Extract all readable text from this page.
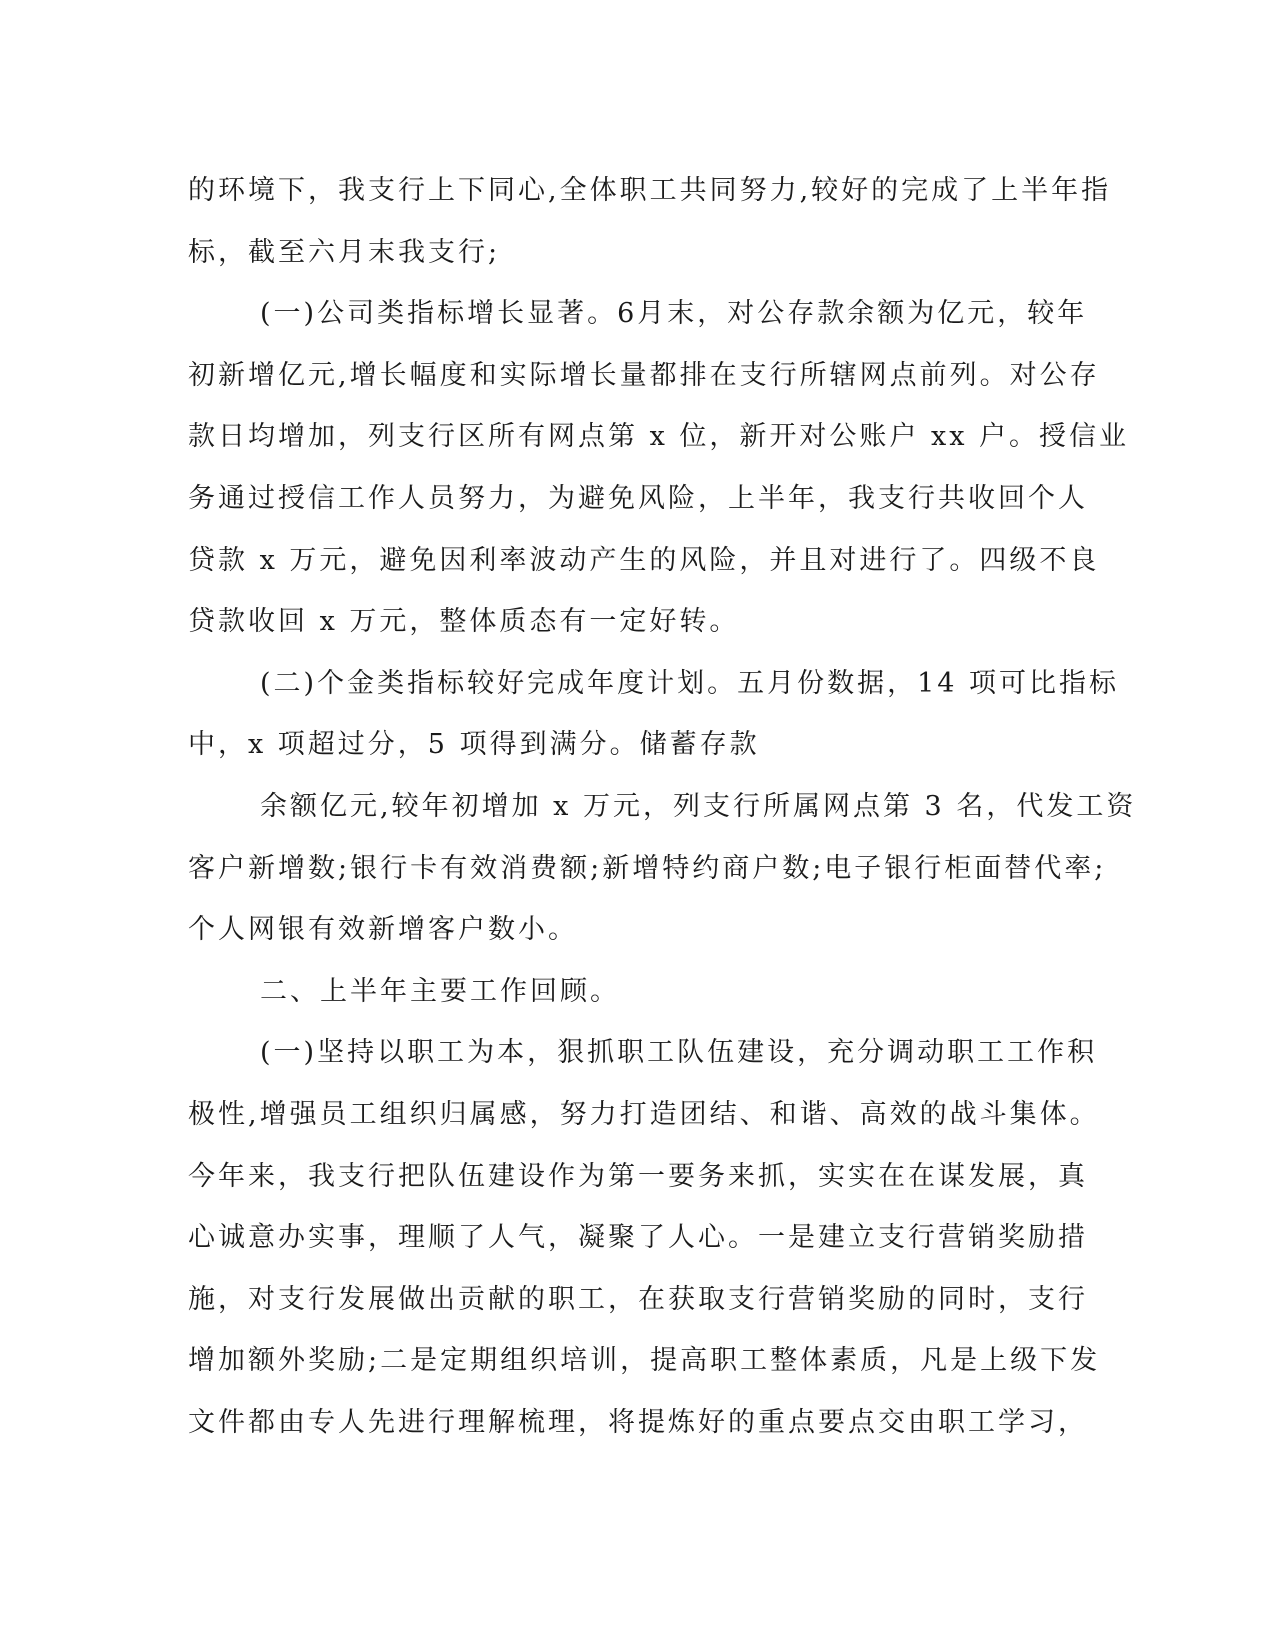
的环境下，我支行上下同心,全体职工共同努力,较好的完成了上半年指
标，截至六月末我支行;
(一)公司类指标增长显著。6月末，对公存款余额为亿元，较年
初新增亿元,增长幅度和实际增长量都排在支行所辖网点前列。对公存
款日均增加，列支行区所有网点第 x 位，新开对公账户 xx 户。授信业
务通过授信工作人员努力，为避免风险，上半年，我支行共收回个人
贷款 x 万元，避免因利率波动产生的风险，并且对进行了。四级不良
贷款收回 x 万元，整体质态有一定好转。
(二)个金类指标较好完成年度计划。五月份数据，14 项可比指标
中，x 项超过分，5 项得到满分。储蓄存款
余额亿元,较年初增加 x 万元，列支行所属网点第 3 名，代发工资
客户新增数;银行卡有效消费额;新增特约商户数;电子银行柜面替代率;
个人网银有效新增客户数小。
二、上半年主要工作回顾。
(一)坚持以职工为本，狠抓职工队伍建设，充分调动职工工作积
极性,增强员工组织归属感，努力打造团结、和谐、高效的战斗集体。
今年来，我支行把队伍建设作为第一要务来抓，实实在在谋发展，真
心诚意办实事，理顺了人气，凝聚了人心。一是建立支行营销奖励措
施，对支行发展做出贡献的职工，在获取支行营销奖励的同时，支行
增加额外奖励;二是定期组织培训，提高职工整体素质，凡是上级下发
文件都由专人先进行理解梳理，将提炼好的重点要点交由职工学习，
